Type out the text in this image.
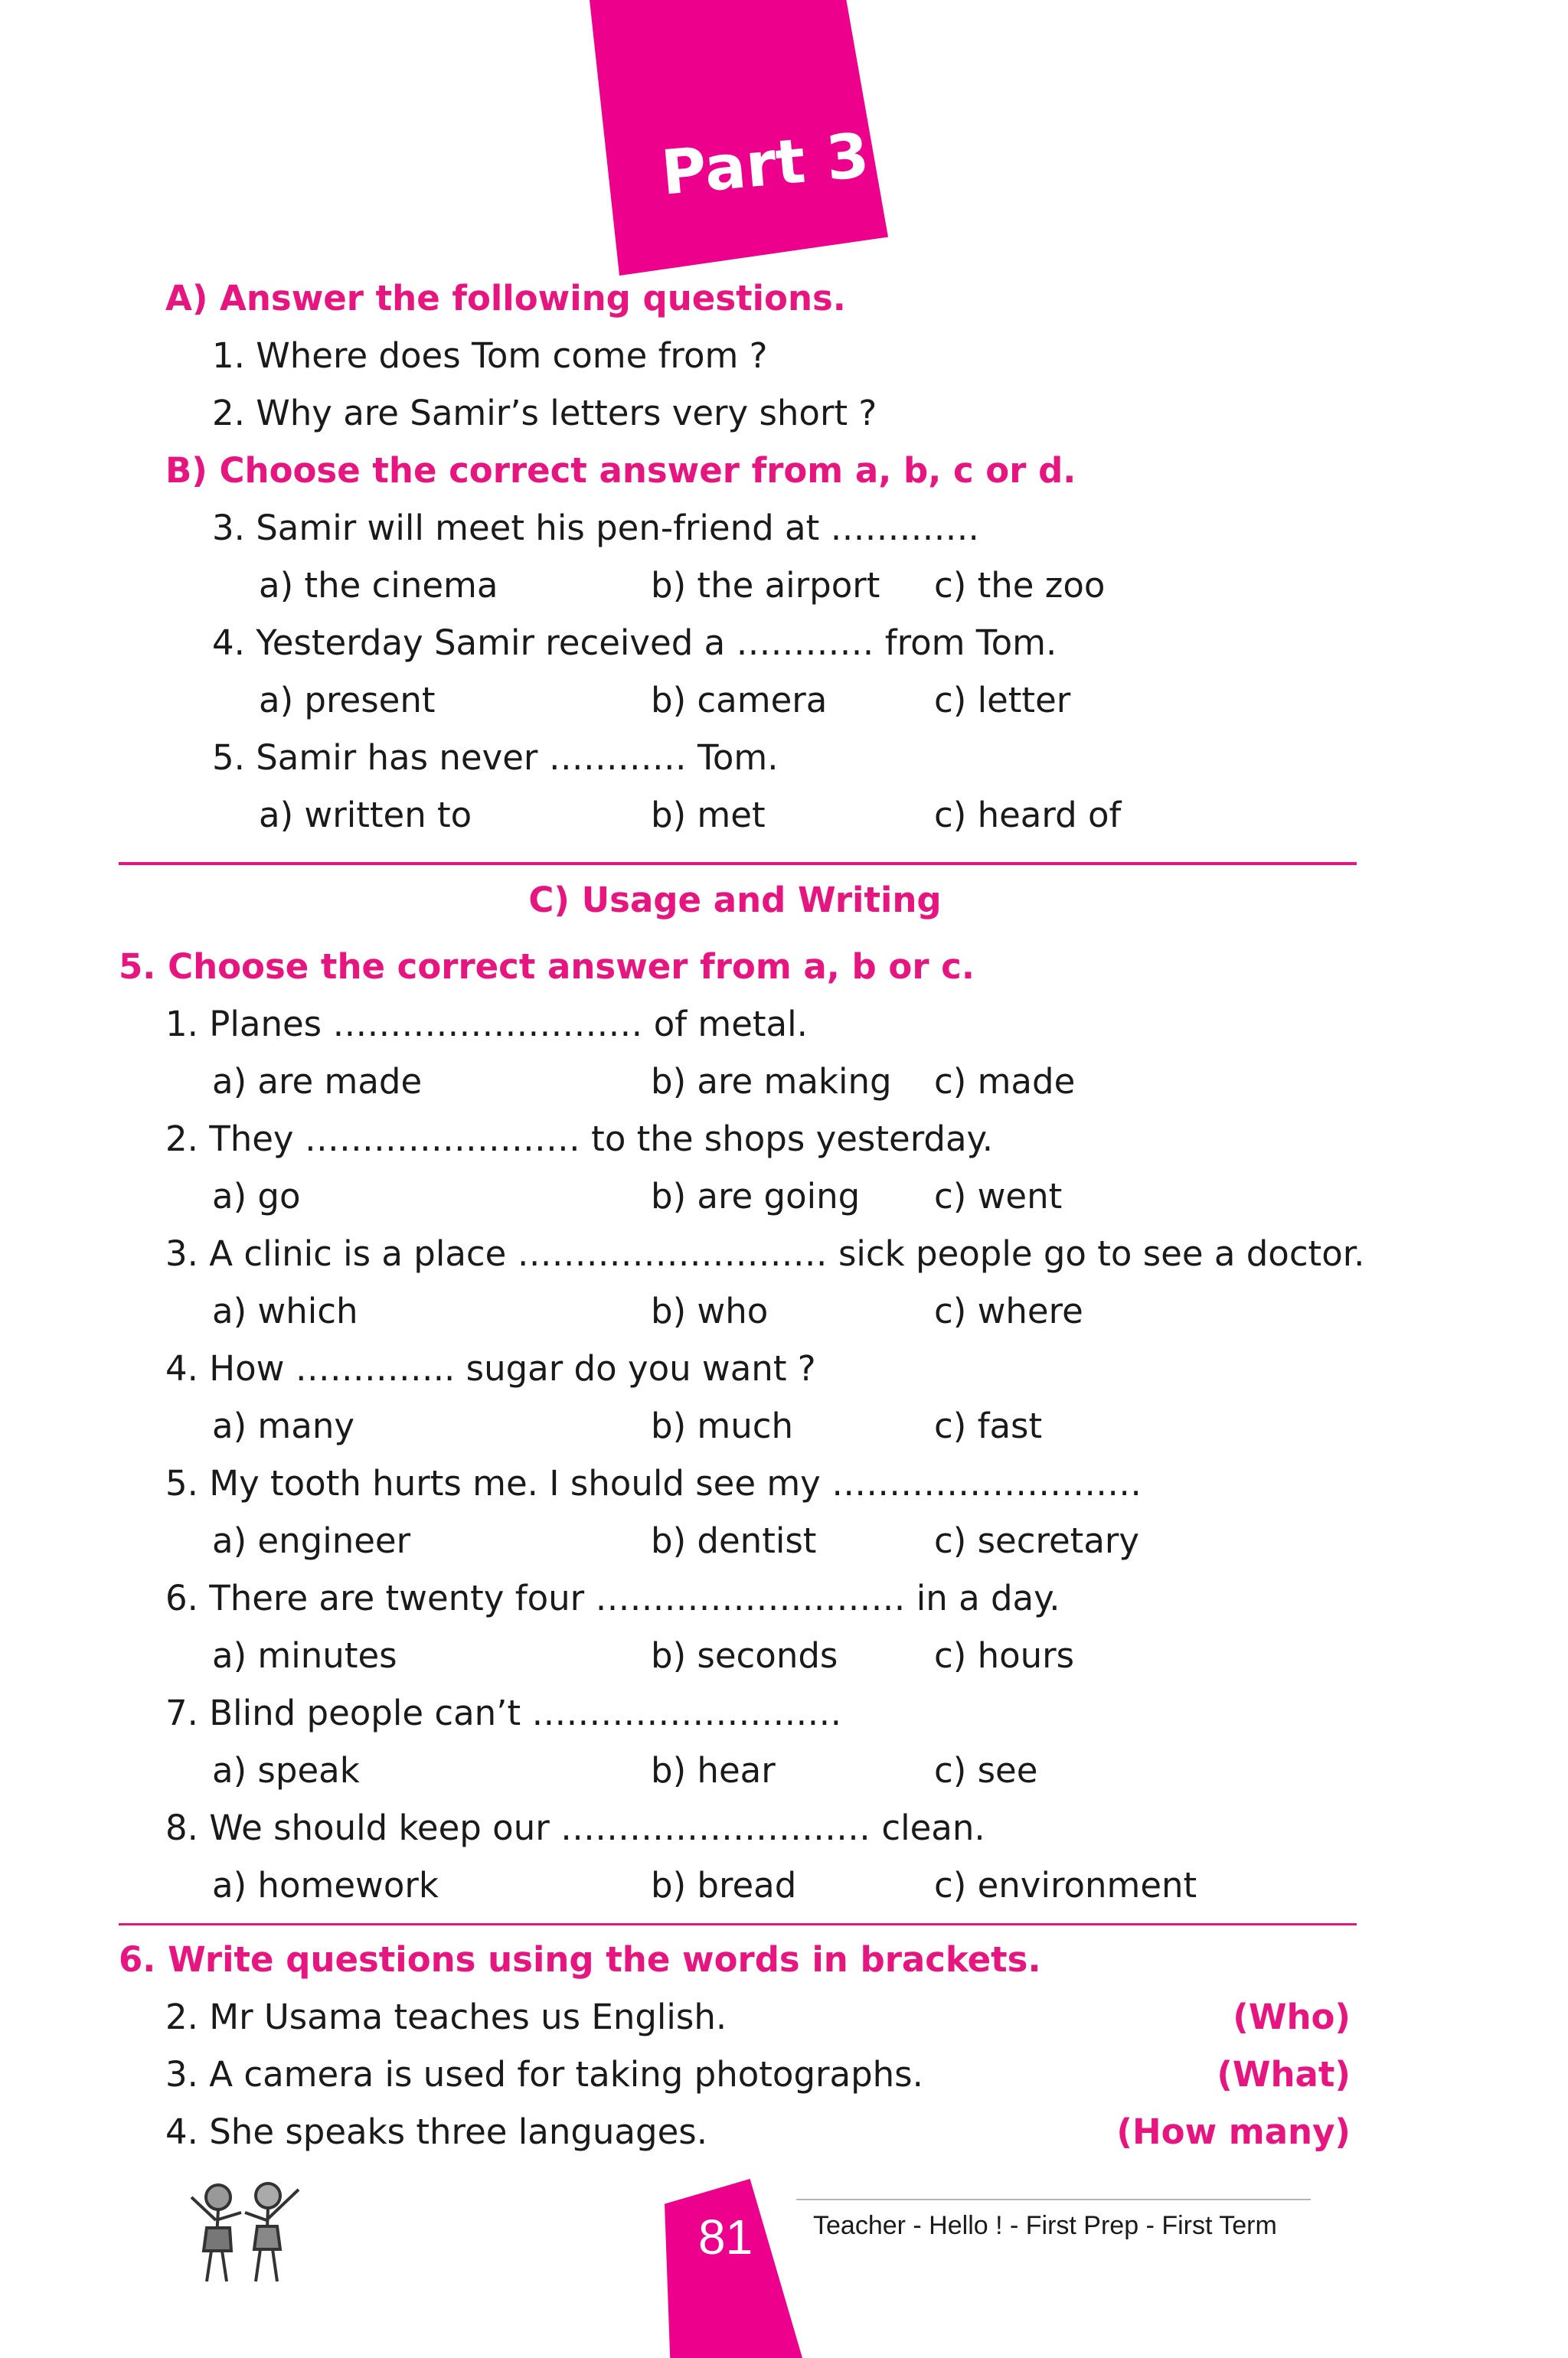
Part 3
A) Answer the following questions.
1. Where does Tom come from ?
2. Why are Samir’s letters very short ?
B) Choose the correct answer from a, b, c or d.
3. Samir will meet his pen-friend at ………….
a) the cinema	b) the airport c) the zoo
4. Yesterday Samir received a ………… from Tom.
a) present	b) camera	c) letter
5. Samir has never ………… Tom.
a) written to	b) met	c) heard of
C) Usage and Writing
5. Choose the correct answer from a, b or c.
1. Planes ……………………… of metal.
a) are made	b) are making c) made
2. They …………………… to the shops yesterday.
a) go	b) are going c) went
3. A clinic is a place ……………………… sick people go to see a doctor.
a) which	b) who	c) where
4. How ………….. sugar do you want ?
a) many	b) much	c) fast
5. My tooth hurts me. I should see my ………………………
a) engineer	b) dentist	c) secretary
6. There are twenty four ……………………… in a day.
a) minutes	b) seconds	c) hours
7. Blind people can’t ………………………
a) speak	b) hear	c) see
8. We should keep our ……………………… clean.
a) homework	b) bread	c) environment
6. Write questions using the words in brackets.
2. Mr Usama teaches us English.	(Who)
3. A camera is used for taking photographs.	(What)
4. She speaks three languages.	(How many)
81 Teacher - Hello ! - First Prep - First Term
